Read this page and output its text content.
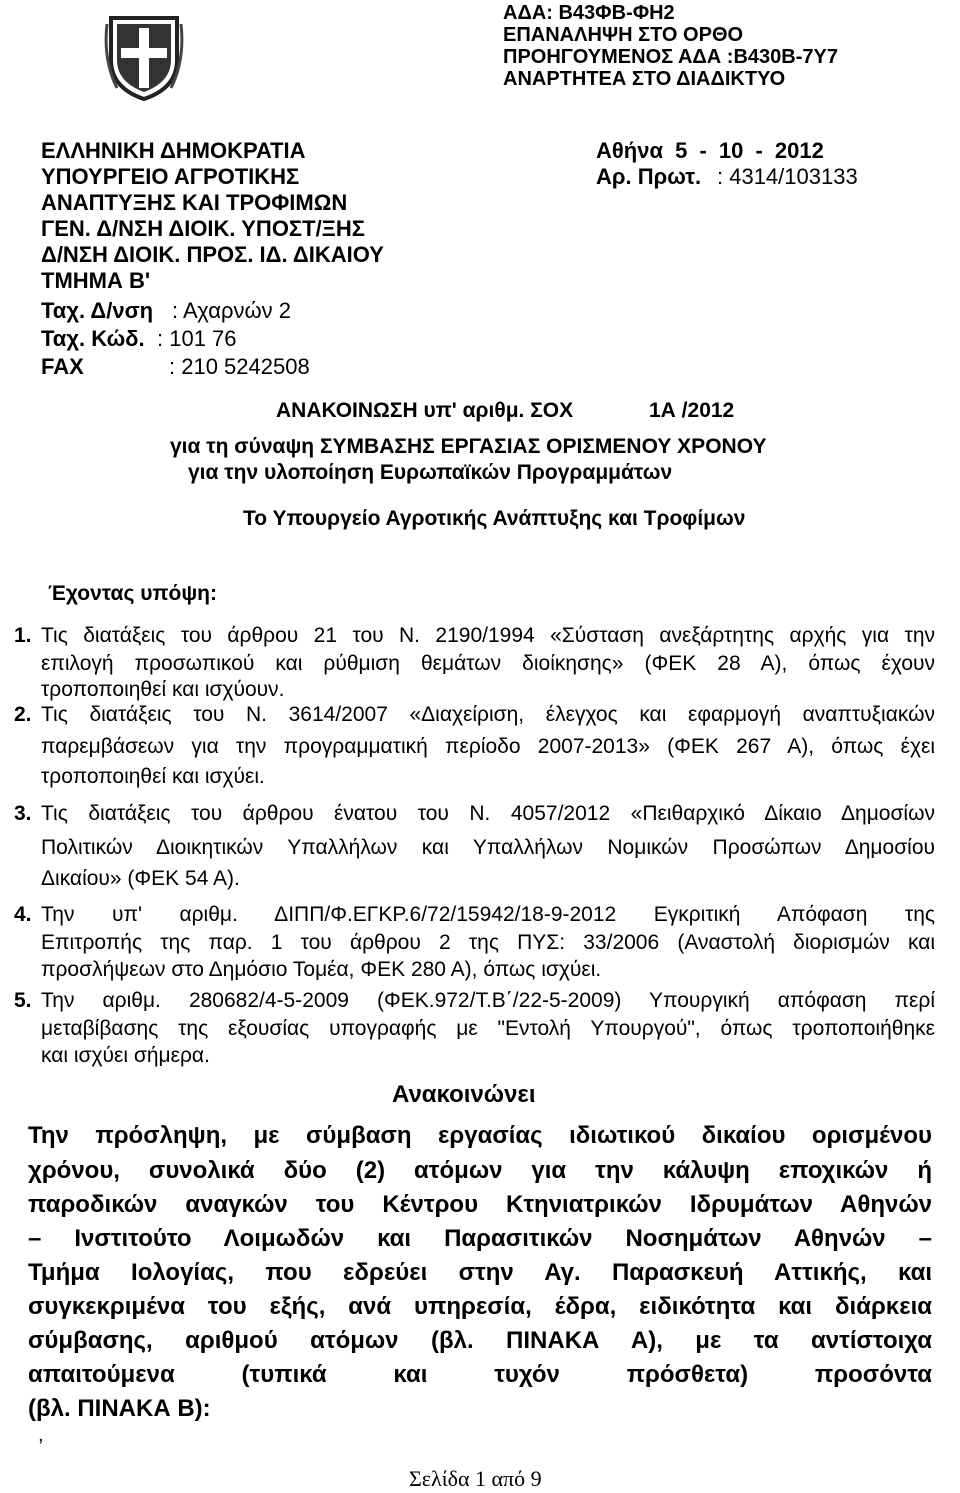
ΑΔΑ: Β43ΦΒ-ΦΗ2
ΕΠΑΝΑΛΗΨΗ ΣΤΟ ΟΡΘΟ
ΠΡΟΗΓΟΥΜΕΝΟΣ ΑΔΑ :Β430Β-7Υ7
ΑΝΑΡΤΗΤΕΑ ΣΤΟ ΔΙΑΔΙΚΤΥΟ
ΕΛΛΗΝΙΚΗ ΔΗΜΟΚΡΑΤΙΑ
ΥΠΟΥΡΓΕΙΟ ΑΓΡΟΤΙΚΗΣ
ΑΝΑΠΤΥΞΗΣ ΚΑΙ ΤΡΟΦΙΜΩΝ
ΓΕΝ. Δ/ΝΣΗ ΔΙΟΙΚ. ΥΠΟΣΤ/ΞΗΣ
Δ/ΝΣΗ ΔΙΟΙΚ. ΠΡΟΣ. ΙΔ. ΔΙΚΑΙΟΥ
ΤΜΗΜΑ Β'
Ταχ. Δ/νση : Αχαρνών 2
Ταχ. Κώδ. : 101 76
FAX	: 210 5242508
Αθήνα 5 - 10 - 2012
Αρ. Πρωτ. : 4314/103133
ΑΝΑΚΟΙΝΩΣΗ υπ' αριθμ. ΣΟΧ	1Α /2012
για τη σύναψη ΣΥΜΒΑΣΗΣ ΕΡΓΑΣΙΑΣ ΟΡΙΣΜΕΝΟΥ ΧΡΟΝΟΥ
για την υλοποίηση Ευρωπαϊκών Προγραμμάτων
Το Υπουργείο Αγροτικής Ανάπτυξης και Τροφίμων
Έχοντας υπόψη:
1. Τις διατάξεις του άρθρου 21 του Ν. 2190/1994 «Σύσταση ανεξάρτητης αρχής για την
επιλογή προσωπικού και ρύθμιση θεμάτων διοίκησης» (ΦΕΚ 28 Α), όπως έχουν
τροποποιηθεί και ισχύουν.
2. Τις διατάξεις του Ν. 3614/2007 «Διαχείριση, έλεγχος και εφαρμογή αναπτυξιακών
παρεμβάσεων για την προγραμματική περίοδο 2007-2013» (ΦΕΚ 267 Α), όπως έχει
τροποποιηθεί και ισχύει.
3. Τις διατάξεις του άρθρου ένατου του Ν. 4057/2012 «Πειθαρχικό Δίκαιο Δημοσίων
Πολιτικών Διοικητικών Υπαλλήλων και Υπαλλήλων Νομικών Προσώπων Δημοσίου
Δικαίου» (ΦΕΚ 54 Α).
4. Την υπ' αριθμ. ΔΙΠΠ/Φ.ΕΓΚΡ.6/72/15942/18-9-2012 Εγκριτική Απόφαση της
Επιτροπής της παρ. 1 του άρθρου 2 της ΠΥΣ: 33/2006 (Αναστολή διορισμών και
προσλήψεων στο Δημόσιο Τομέα, ΦΕΚ 280 Α), όπως ισχύει.
5. Την αριθμ. 280682/4-5-2009 (ΦΕΚ.972/Τ.Β΄/22-5-2009) Υπουργική απόφαση περί
μεταβίβασης της εξουσίας υπογραφής με "Εντολή Υπουργού", όπως τροποποιήθηκε
και ισχύει σήμερα.
Ανακοινώνει
Την πρόσληψη, με σύμβαση εργασίας ιδιωτικού δικαίου ορισμένου
χρόνου, συνολικά δύο (2) ατόμων για την κάλυψη εποχικών ή
παροδικών αναγκών του Κέντρου Κτηνιατρικών Ιδρυμάτων Αθηνών
– Ινστιτούτο Λοιμωδών και Παρασιτικών Νοσημάτων Αθηνών –
Τμήμα Ιολογίας, που εδρεύει στην Αγ. Παρασκευή Αττικής, και
συγκεκριμένα του εξής, ανά υπηρεσία, έδρα, ειδικότητα και διάρκεια
σύμβασης, αριθμού ατόμων (βλ. ΠΙΝΑΚΑ Α), με τα αντίστοιχα
απαιτούμενα (τυπικά και τυχόν πρόσθετα) προσόντα
(βλ. ΠΙΝΑΚΑ Β):
,
Σελίδα 1 από 9
